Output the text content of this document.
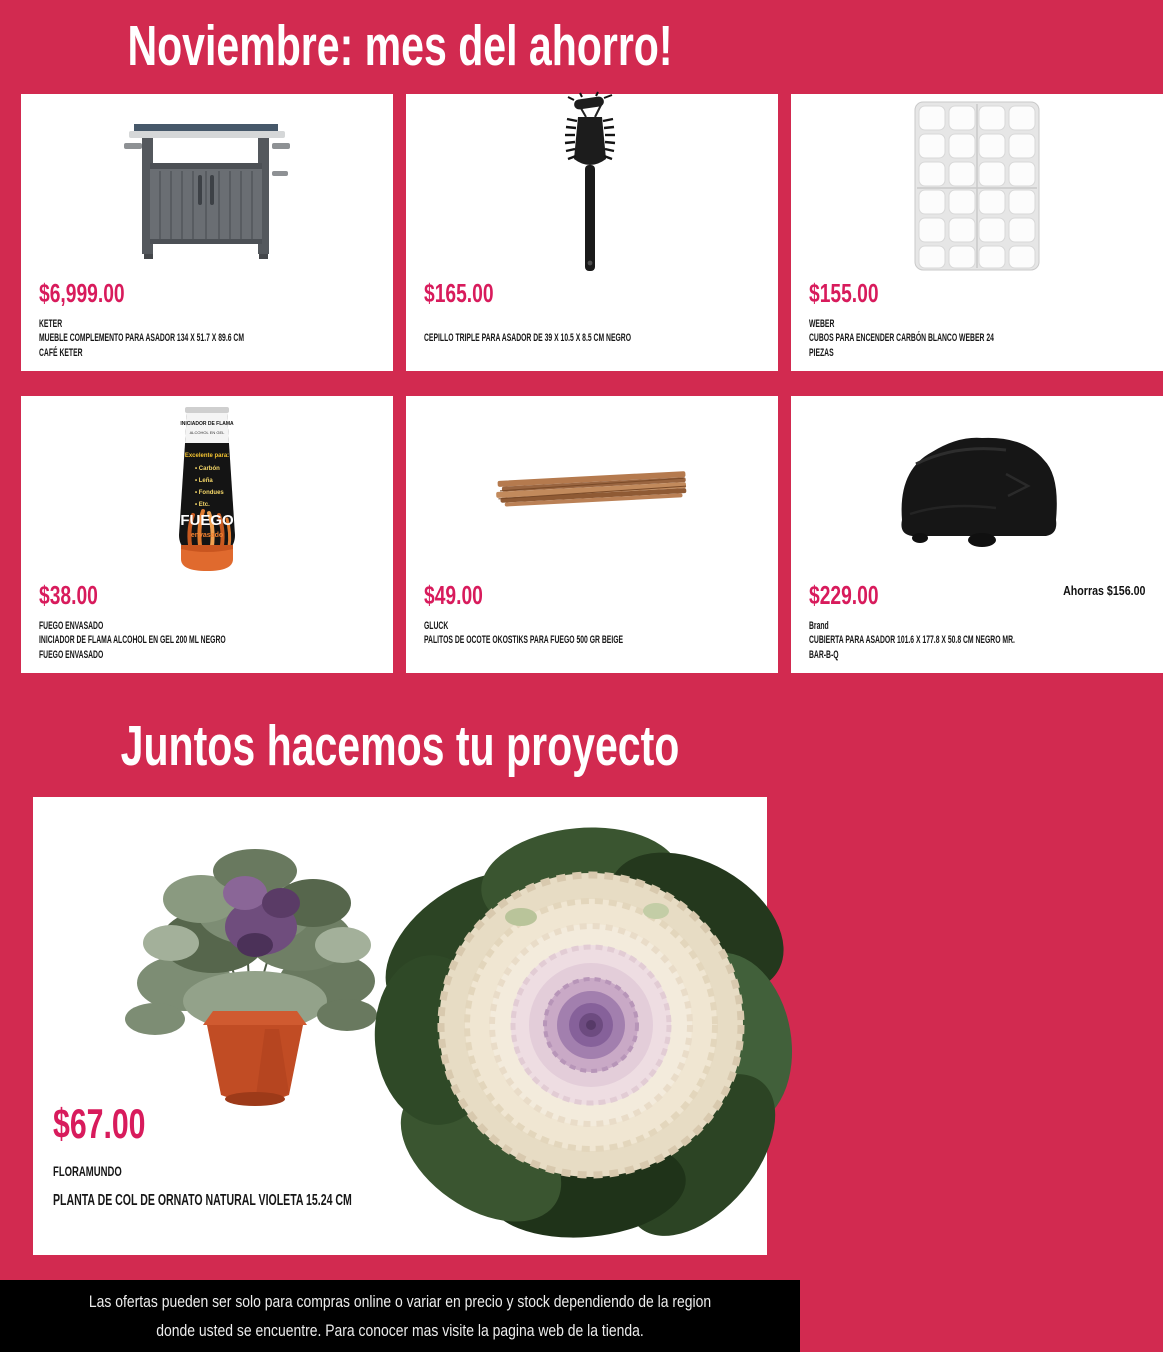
Noviembre: mes del ahorro!
$6,999.00
KETER
MUEBLE COMPLEMENTO PARA ASADOR 134 X 51.7 X 89.6 CM CAFÉ KETER
$165.00
CEPILLO TRIPLE PARA ASADOR DE 39 X 10.5 X 8.5 CM NEGRO
$155.00
WEBER
CUBOS PARA ENCENDER CARBÓN BLANCO WEBER 24 PIEZAS
INICIADOR DE FLAMA
ALCOHOL EN GEL
Excelente para:
• Carbón
• Leña
• Fondues
• Etc.
FUEGO
envasado
$38.00
FUEGO ENVASADO
INICIADOR DE FLAMA ALCOHOL EN GEL 200 ML NEGRO FUEGO ENVASADO
$49.00
GLUCK
PALITOS DE OCOTE OKOSTIKS PARA FUEGO 500 GR BEIGE
$229.00	Ahorras $156.00
Brand
CUBIERTA PARA ASADOR 101.6 X 177.8 X 50.8 CM NEGRO MR. BAR-B-Q
Juntos hacemos tu proyecto
$67.00
FLORAMUNDO
PLANTA DE COL DE ORNATO NATURAL VIOLETA 15.24 CM

Las ofertas pueden ser solo para compras online o variar en precio y stock dependiendo de la region donde usted se encuentre. Para conocer mas visite la pagina web de la tienda.
